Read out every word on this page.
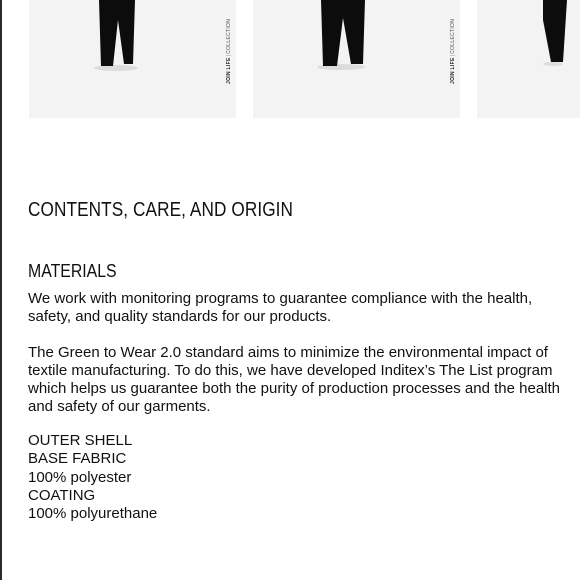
JOIN LIFE|COLLECTION
JOIN LIFE|COLLECTION
CONTENTS, CARE, AND ORIGIN
MATERIALS

We work with monitoring programs to guarantee compliance with the health, safety, and quality standards for our products.

The Green to Wear 2.0 standard aims to minimize the environmental impact of textile manufacturing. To do this, we have developed Inditex’s The List program which helps us guarantee both the purity of production processes and the health and safety of our garments.

OUTER SHELL
BASE FABRIC
100% polyester
COATING
100% polyurethane
